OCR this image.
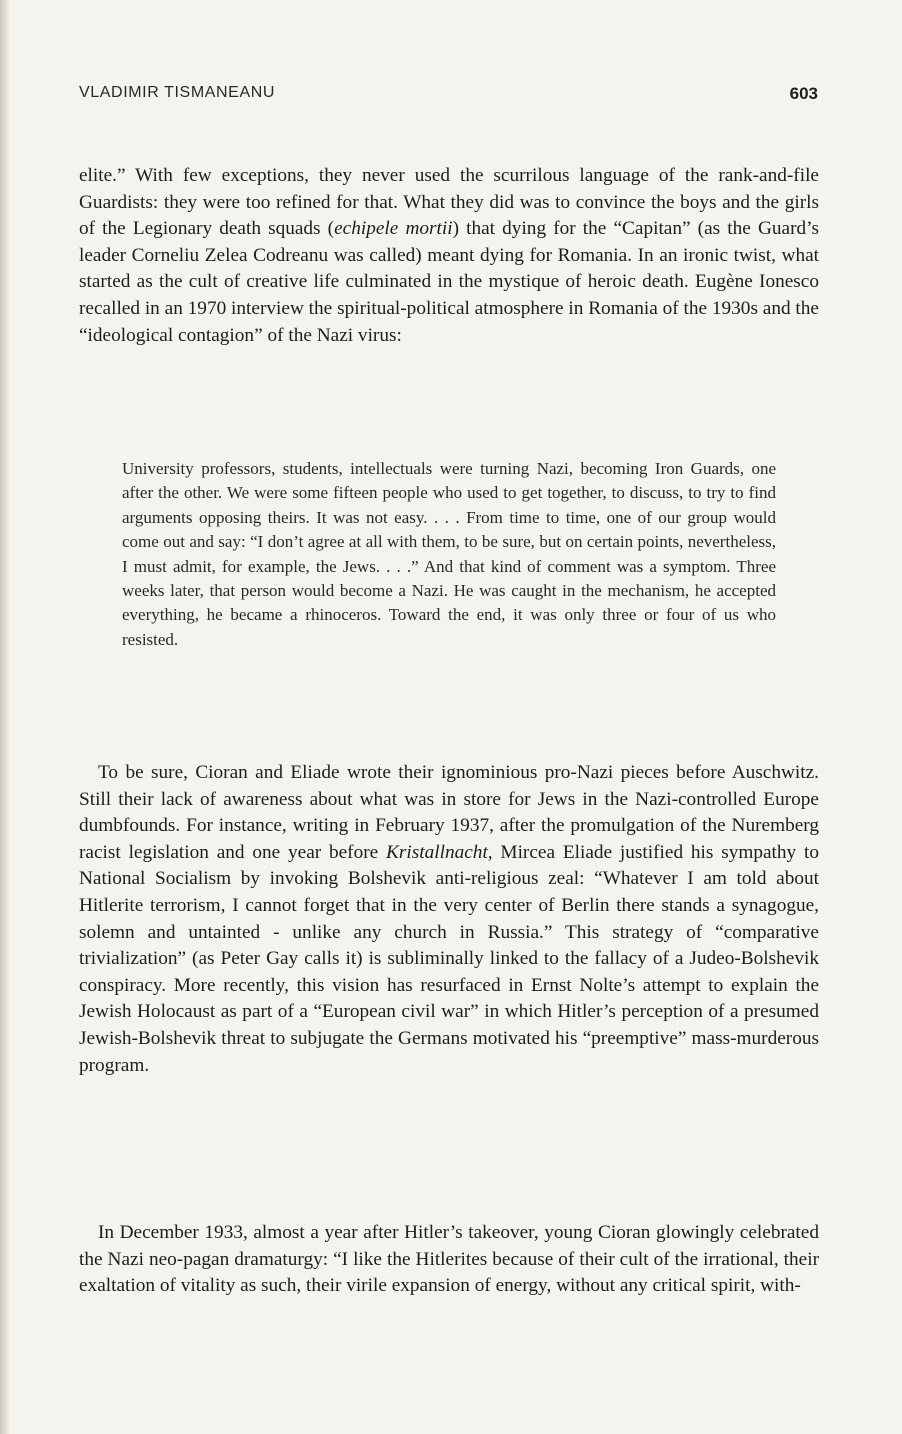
VLADIMIR TISMANEANU	603

elite.” With few exceptions, they never used the scurrilous language of the rank-and-file Guardists: they were too refined for that. What they did was to convince the boys and the girls of the Legionary death squads (echipele mortii) that dying for the “Capitan” (as the Guard’s leader Corneliu Zelea Codreanu was called) meant dying for Romania. In an ironic twist, what started as the cult of creative life culminated in the mystique of heroic death. Eugène Ionesco recalled in an 1970 interview the spiritual-political atmosphere in Romania of the 1930s and the “ideological contagion” of the Nazi virus:

University professors, students, intellectuals were turning Nazi, becoming Iron Guards, one after the other. We were some fifteen people who used to get together, to discuss, to try to find arguments opposing theirs. It was not easy. . . . From time to time, one of our group would come out and say: “I don’t agree at all with them, to be sure, but on certain points, nevertheless, I must admit, for example, the Jews. . . .” And that kind of comment was a symptom. Three weeks later, that person would become a Nazi. He was caught in the mechanism, he accepted everything, he became a rhinoceros. Toward the end, it was only three or four of us who resisted.

To be sure, Cioran and Eliade wrote their ignominious pro-Nazi pieces before Auschwitz. Still their lack of awareness about what was in store for Jews in the Nazi-controlled Europe dumbfounds. For instance, writing in February 1937, after the promulgation of the Nuremberg racist legislation and one year before Kristallnacht, Mircea Eliade justified his sympathy to National Socialism by invoking Bolshevik anti-religious zeal: “Whatever I am told about Hitlerite terrorism, I cannot forget that in the very center of Berlin there stands a synagogue, solemn and untainted - unlike any church in Russia.” This strategy of “comparative trivialization” (as Peter Gay calls it) is subliminally linked to the fallacy of a Judeo-Bolshevik conspiracy. More recently, this vision has resurfaced in Ernst Nolte’s attempt to explain the Jewish Holocaust as part of a “European civil war” in which Hitler’s perception of a presumed Jewish-Bolshevik threat to subjugate the Germans motivated his “preemptive” mass-murderous program.

In December 1933, almost a year after Hitler’s takeover, young Cioran glowingly celebrated the Nazi neo-pagan dramaturgy: “I like the Hitlerites because of their cult of the irrational, their exaltation of vitality as such, their virile expansion of energy, without any critical spirit, with-
